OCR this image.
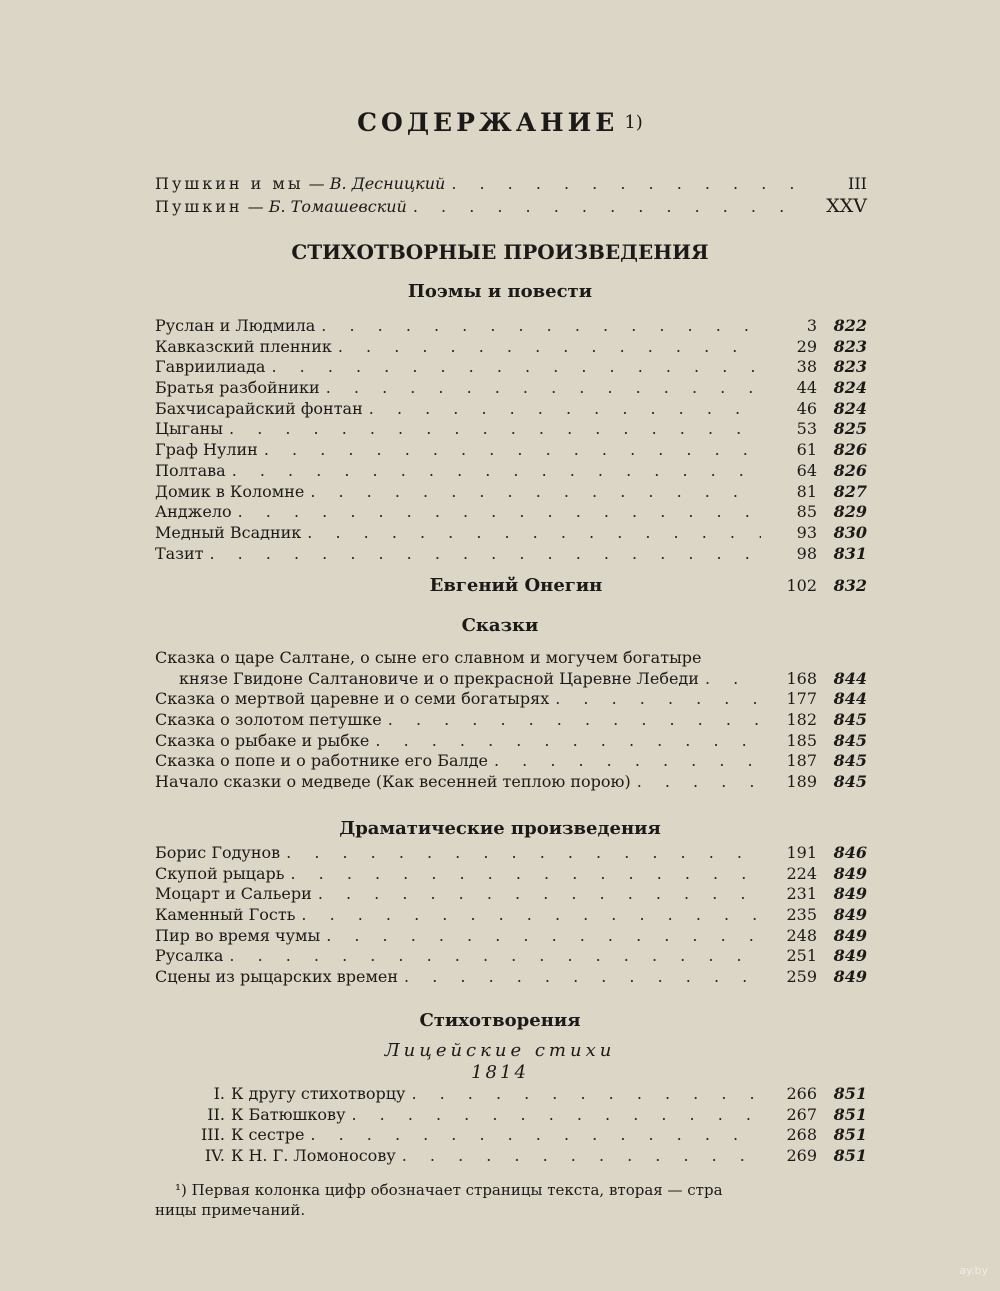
СОДЕРЖАНИЕ $^{1)}$
Пушкин и мы — В. Десницкий . . .	III
Пушкин — Б. Томашевский . . .	XXV
СТИХОТВОРНЫЕ ПРОИЗВЕДЕНИЯ
Поэмы и повести
Руслан и Людмила . . .	3	822
Кавказский пленник . . .	29	823
Гавриилиада . . .	38	823
Братья разбойники . . .	44	824
Бахчисарайский фонтан . . .	46	824
Цыганы . . .	53	825
Граф Нулин . . .	61	826
Полтава . . .	64	826
Домик в Коломне . . .	81	827
Анджело . . .	85	829
Медный Всадник . . .	93	830
Тазит . . .	98	831
Евгений Онегин	102	832
Сказки
Сказка о царе Салтане, о сыне его славном и могучем богатыре
князе Гвидоне Салтановиче и о прекрасной Царевне Лебеди . . .	168	844
Сказка о мертвой царевне и о семи богатырях . . .	177	844
Сказка о золотом петушке . . .	182	845
Сказка о рыбаке и рыбке . . .	185	845
Сказка о попе и о работнике его Балде . . .	187	845
Начало сказки о медведе (Как весенней теплою порою) . . .	189	845
Драматические произведения
Борис Годунов . . .	191	846
Скупой рыцарь . . .	224	849
Моцарт и Сальери . . .	231	849
Каменный Гость . . .	235	849
Пир во время чумы . . .	248	849
Русалка . . .	251	849
Сцены из рыцарских времен . . .	259	849
Стихотворения
Лицейские стихи
1814
I. К другу стихотворцу . . .	266	851
II. К Батюшкову . . .	267	851
III. К сестре . . .	268	851
IV. К Н. Г. Ломоносову . . .	269	851
¹) Первая колонка цифр обозначает страницы текста, вторая — стра
ницы примечаний.
ay.by
